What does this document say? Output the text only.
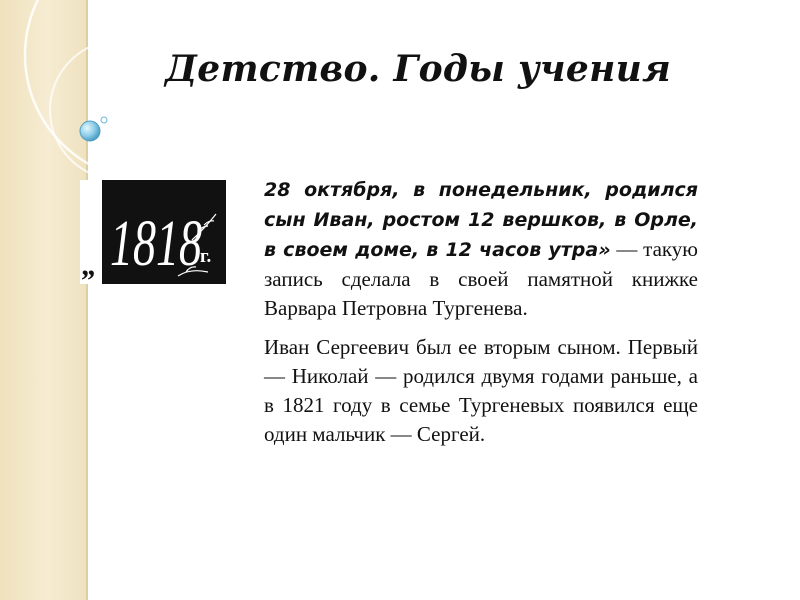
Детство. Годы учения
„ 1818
г.

28 октября, в понедельник, родился сын Иван, ростом 12 вершков, в Орле, в своем доме, в 12 часов утра» — такую запись сделала в своей памятной книжке Варвара Петровна Тургенева.

Иван Сергеевич был ее вторым сыном. Первый — Николай — родился двумя годами раньше, а в 1821 году в семье Тургеневых появился еще один мальчик — Сергей.
